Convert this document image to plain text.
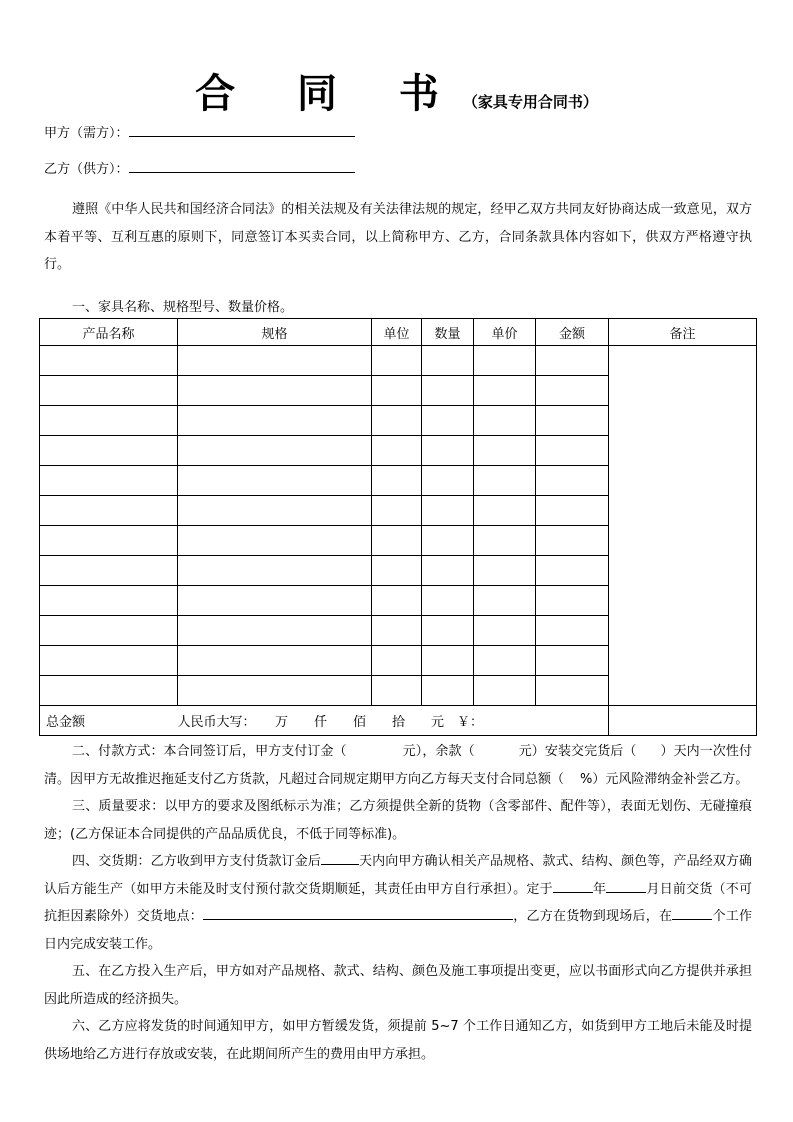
合 同 书（家具专用合同书）
甲方（需方）：
乙方（供方）：
遵照《中华人民共和国经济合同法》的相关法规及有关法律法规的规定，经甲乙双方共同友好协商达成一致意见，双方本着平等、互利互惠的原则下，同意签订本买卖合同，以上简称甲方、乙方，合同条款具体内容如下，供双方严格遵守执行。
一、家具名称、规格型号、数量价格。
产品名称	规格	单位	数量	单价	金额	备注

总金额	人民币大写：　　万　　仟　　佰　　拾　　元　￥：					

二、付款方式：本合同签订后，甲方支付订金（	元），余款（	元）安装交完货后（ ）天内一次性付清。因甲方无故推迟拖延支付乙方货款，凡超过合同规定期甲方向乙方每天支付合同总额（ %）元风险滞纳金补尝乙方。

三、质量要求：以甲方的要求及图纸标示为准；乙方须提供全新的货物（含零部件、配件等），表面无划伤、无碰撞痕迹；(乙方保证本合同提供的产品品质优良，不低于同等标准)。

四、交货期：乙方收到甲方支付货款订金后	天内向甲方确认相关产品规格、款式、结构、颜色等，产品经双方确认后方能生产（如甲方未能及时支付预付款交货期顺延，其责任由甲方自行承担）。定于	年	月日前交货（不可抗拒因素除外）交货地点：	，乙方在货物到现场后，在	个工作日内完成安装工作。

五、在乙方投入生产后，甲方如对产品规格、款式、结构、颜色及施工事项提出变更，应以书面形式向乙方提供并承担因此所造成的经济损失。

六、乙方应将发货的时间通知甲方，如甲方暂缓发货，须提前 5~7 个工作日通知乙方，如货到甲方工地后未能及时提供场地给乙方进行存放或安装，在此期间所产生的费用由甲方承担。
